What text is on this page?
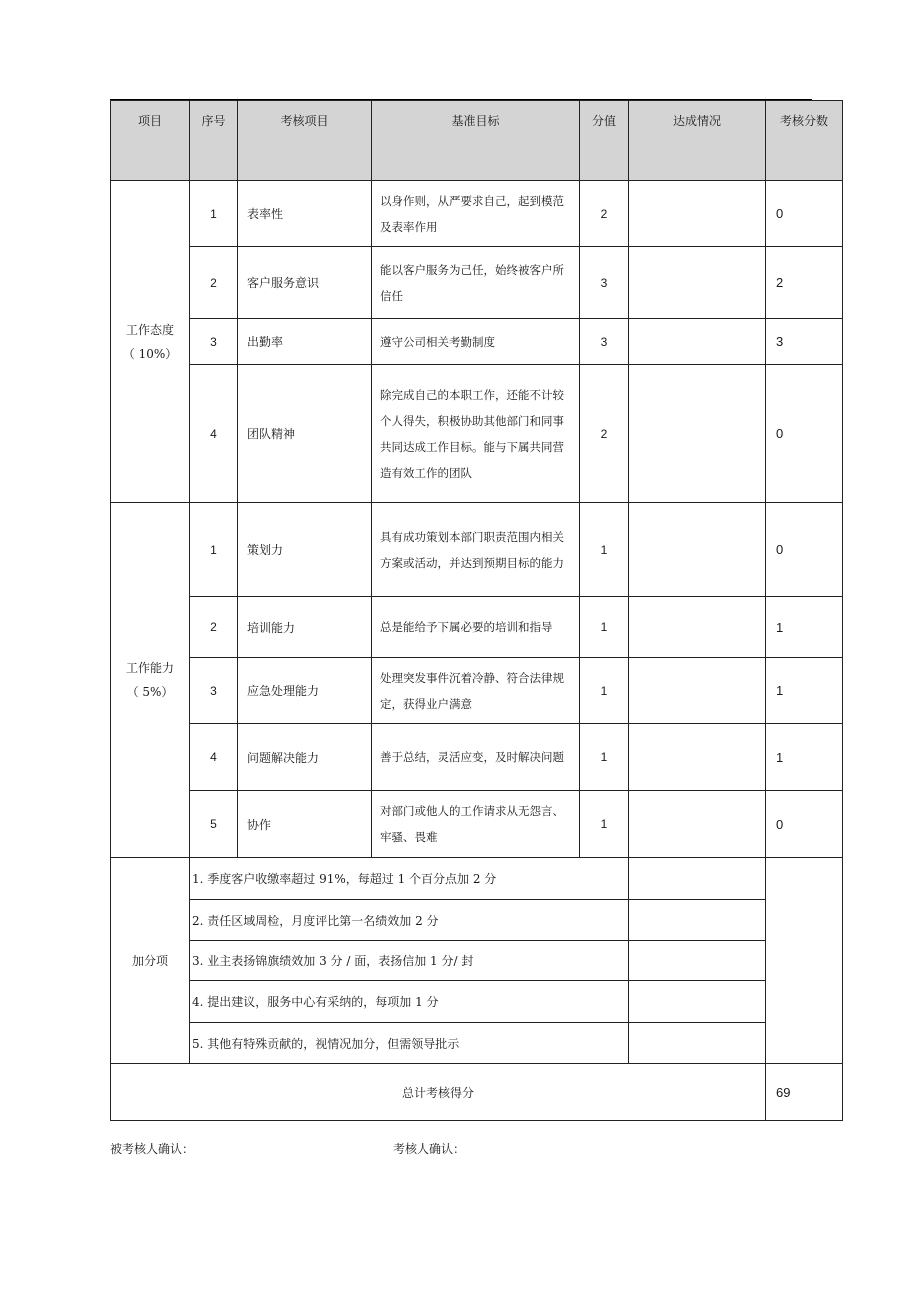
项目	序号	考核项目	基准目标	分值	达成情况	考核分数

工作态度
（ 10%）	1	表率性	以身作则，从严要求自己，起到模范及表率作用	2		0
	2	客户服务意识	能以客户服务为己任，始终被客户所信任	3		2
	3	出勤率	遵守公司相关考勤制度	3		3
	4	团队精神	除完成自己的本职工作，还能不计较个人得失，积极协助其他部门和同事共同达成工作目标。能与下属共同营造有效工作的团队	2		0

工作能力
（ 5%）	1	策划力	具有成功策划本部门职责范围内相关方案或活动，并达到预期目标的能力	1		0
	2	培训能力	总是能给予下属必要的培训和指导	1		1
	3	应急处理能力	处理突发事件沉着冷静、符合法律规定，获得业户满意	1		1
	4	问题解决能力	善于总结，灵活应变，及时解决问题	1		1
	5	协作	对部门或他人的工作请求从无怨言、牢骚、畏难	1		0
加分项	1. 季度客户收缴率超过 91%，每超过 1 个百分点加 2 分					
	2. 责任区域周检，月度评比第一名绩效加 2 分					
	3. 业主表扬锦旗绩效加 3 分 / 面，表扬信加 1 分/ 封					
	4. 提出建议，服务中心有采纳的，每项加 1 分					
	5. 其他有特殊贡献的，视情况加分，但需领导批示					
总计考核得分						69
被考核人确认：	考核人确认：
